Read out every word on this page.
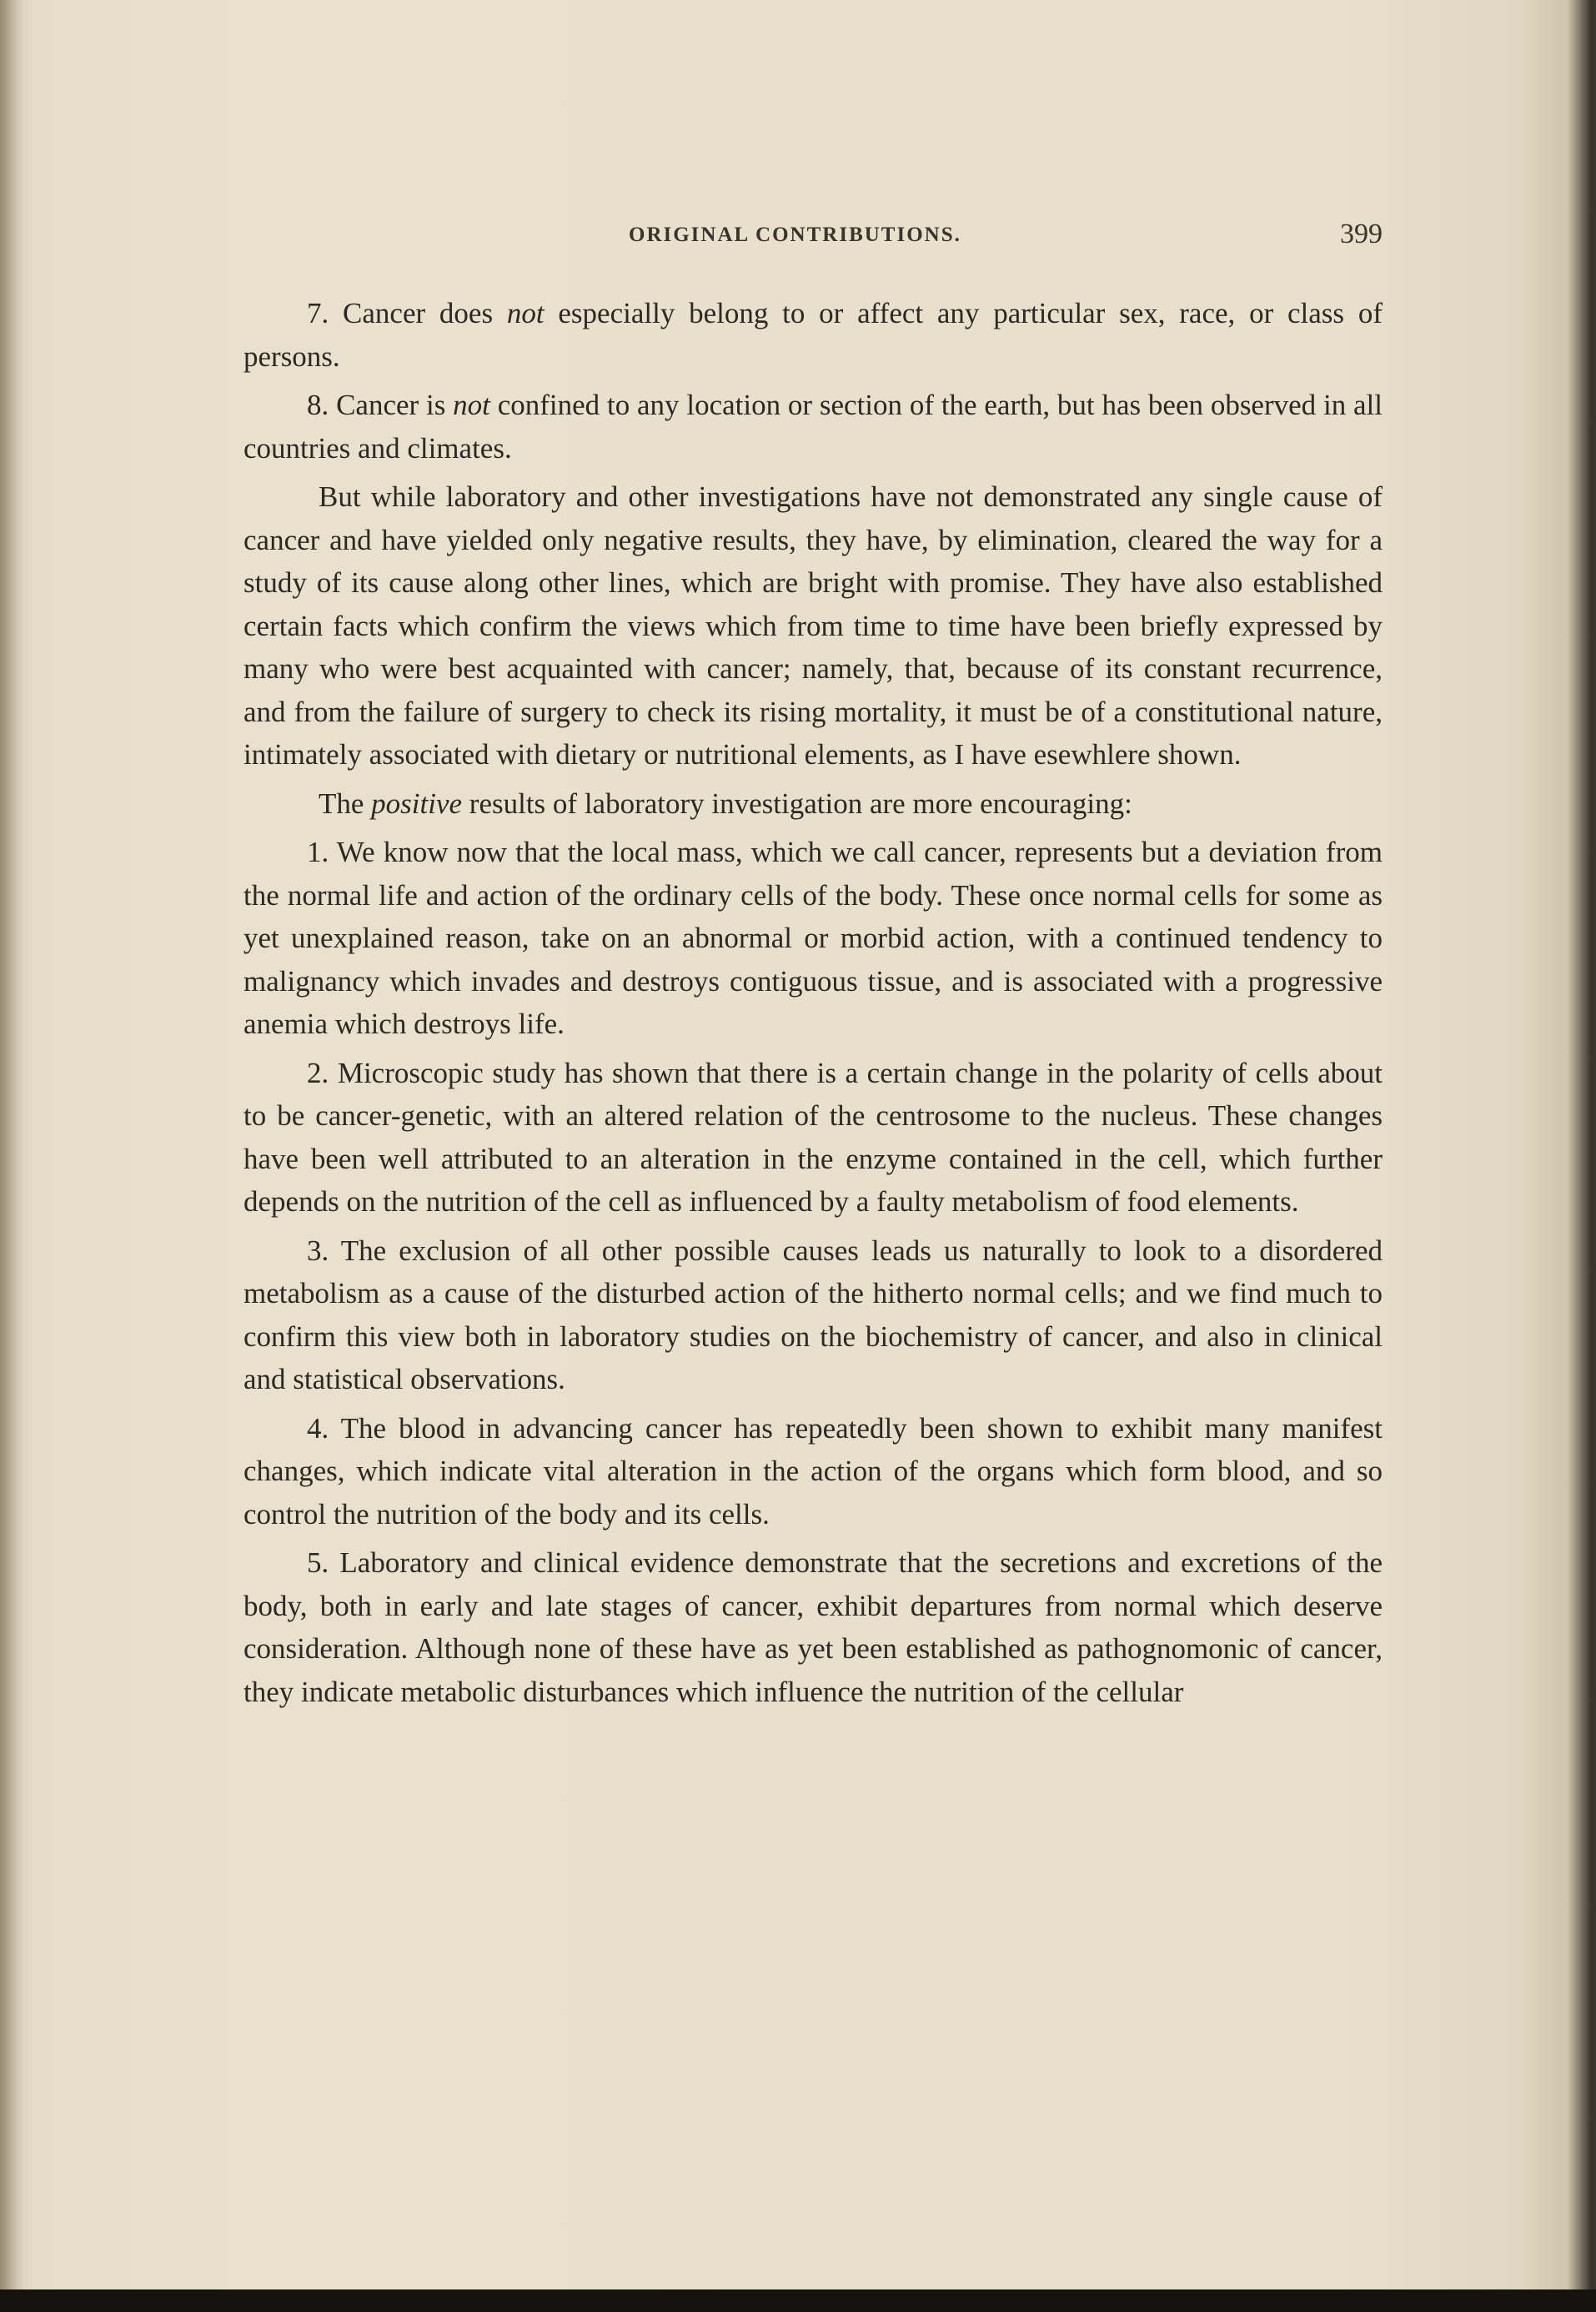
ORIGINAL CONTRIBUTIONS.	399

7. Cancer does not especially belong to or affect any particular sex, race, or class of persons.

8. Cancer is not confined to any location or section of the earth, but has been observed in all countries and climates.

But while laboratory and other investigations have not demonstrated any single cause of cancer and have yielded only negative results, they have, by elimination, cleared the way for a study of its cause along other lines, which are bright with promise. They have also established certain facts which confirm the views which from time to time have been briefly expressed by many who were best acquainted with cancer; namely, that, because of its constant recurrence, and from the failure of surgery to check its rising mortality, it must be of a constitutional nature, intimately associated with dietary or nutritional elements, as I have esewhlere shown.

The positive results of laboratory investigation are more encouraging:

1. We know now that the local mass, which we call cancer, represents but a deviation from the normal life and action of the ordinary cells of the body. These once normal cells for some as yet unexplained reason, take on an abnormal or morbid action, with a continued tendency to malignancy which invades and destroys contiguous tissue, and is associated with a progressive anemia which destroys life.

2. Microscopic study has shown that there is a certain change in the polarity of cells about to be cancer-genetic, with an altered relation of the centrosome to the nucleus. These changes have been well attributed to an alteration in the enzyme contained in the cell, which further depends on the nutrition of the cell as influenced by a faulty metabolism of food elements.

3. The exclusion of all other possible causes leads us naturally to look to a disordered metabolism as a cause of the disturbed action of the hitherto normal cells; and we find much to confirm this view both in laboratory studies on the biochemistry of cancer, and also in clinical and statistical observations.

4. The blood in advancing cancer has repeatedly been shown to exhibit many manifest changes, which indicate vital alteration in the action of the organs which form blood, and so control the nutrition of the body and its cells.

5. Laboratory and clinical evidence demonstrate that the secretions and excretions of the body, both in early and late stages of cancer, exhibit departures from normal which deserve consideration. Although none of these have as yet been established as pathognomonic of cancer, they indicate metabolic disturbances which influence the nutrition of the cellular
